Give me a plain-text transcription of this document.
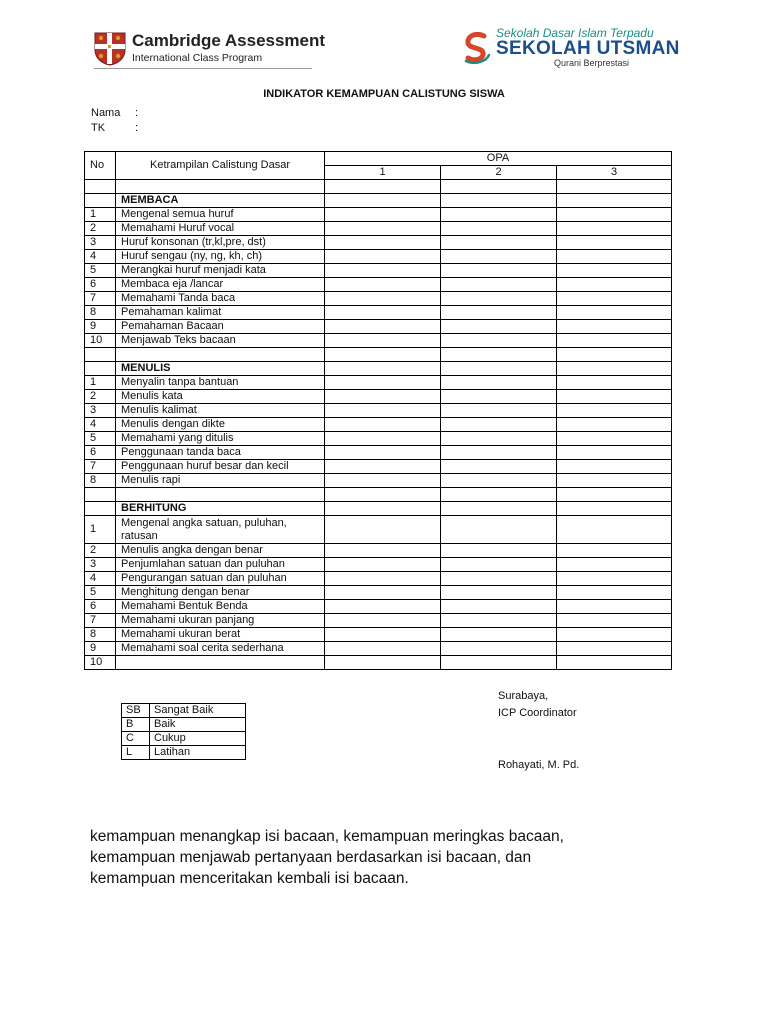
Cambridge Assessment
International Class Program
Sekolah Dasar Islam Terpadu
SEKOLAH UTSMAN
Qurani Berprestasi
INDIKATOR KEMAMPUAN CALISTUNG SISWA
Nama :
TK	:
No	Ketrampilan Calistung Dasar	OPA		
		1	2	3

	MEMBACA			
1	Mengenal semua huruf			
2	Memahami Huruf vocal			
3	Huruf konsonan (tr,kl,pre, dst)			
4	Huruf sengau (ny, ng, kh, ch)			
5	Merangkai huruf menjadi kata			
6	Membaca eja /lancar			
7	Memahami Tanda baca			
8	Pemahaman kalimat			
9	Pemahaman Bacaan			
10	Menjawab Teks bacaan			

	MENULIS			
1	Menyalin tanpa bantuan			
2	Menulis kata			
3	Menulis kalimat			
4	Menulis dengan dikte			
5	Memahami yang ditulis			
6	Penggunaan tanda baca			
7	Penggunaan huruf besar dan kecil			
8	Menulis rapi			

	BERHITUNG			
1	Mengenal angka satuan, puluhan,
ratusan			

2	Menulis angka dengan benar			
3	Penjumlahan satuan dan puluhan			
4	Pengurangan satuan dan puluhan			
5	Menghitung dengan benar			
6	Memahami Bentuk Benda			
7	Memahami ukuran panjang			
8	Memahami ukuran berat			
9	Memahami soal cerita sederhana			
10				
SB	Sangat Baik
B	Baik
C	Cukup
L	Latihan
Surabaya,
ICP Coordinator
Rohayati, M. Pd.
kemampuan menangkap isi bacaan, kemampuan meringkas bacaan,
kemampuan menjawab pertanyaan berdasarkan isi bacaan, dan
kemampuan menceritakan kembali isi bacaan.
